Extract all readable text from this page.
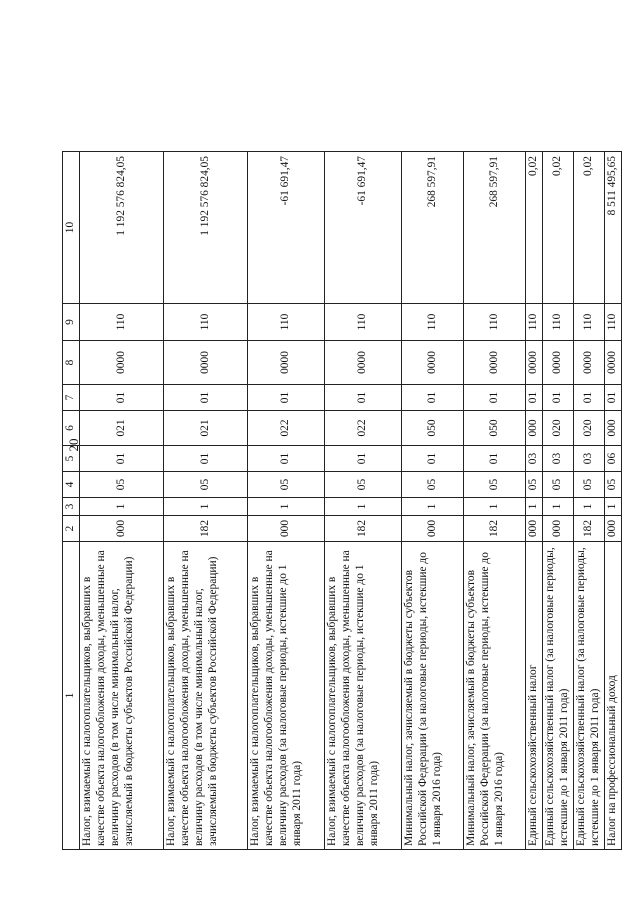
20
1	2	3	4	5	6	7	8	9	10
Налог, взимаемый с налогоплательщиков, выбравших в качестве объекта налогообложения доходы, уменьшенные на величину расходов (в том числе минимальный налог, зачисляемый в бюджеты субъектов Российской Федерации)	000	1	05	01	021	01	0000	110	1 192 576 824,05
Налог, взимаемый с налогоплательщиков, выбравших в качестве объекта налогообложения доходы, уменьшенные на величину расходов (в том числе минимальный налог, зачисляемый в бюджеты субъектов Российской Федерации)	182	1	05	01	021	01	0000	110	1 192 576 824,05
Налог, взимаемый с налогоплательщиков, выбравших в качестве объекта налогообложения доходы, уменьшенные на величину расходов (за налоговые периоды, истекшие до 1 января 2011 года)	000	1	05	01	022	01	0000	110	-61 691,47
Налог, взимаемый с налогоплательщиков, выбравших в качестве объекта налогообложения доходы, уменьшенные на величину расходов (за налоговые периоды, истекшие до 1 января 2011 года)	182	1	05	01	022	01	0000	110	-61 691,47
Минимальный налог, зачисляемый в бюджеты субъектов Российской Федерации (за налоговые периоды, истекшие до 1 января 2016 года)	000	1	05	01	050	01	0000	110	268 597,91
Минимальный налог, зачисляемый в бюджеты субъектов Российской Федерации (за налоговые периоды, истекшие до 1 января 2016 года)	182	1	05	01	050	01	0000	110	268 597,91
Единый сельскохозяйственный налог	000	1	05	03	000	01	0000	110	0,02
Единый сельскохозяйственный налог (за налоговые периоды, истекшие до 1 января 2011 года)	000	1	05	03	020	01	0000	110	0,02
Единый сельскохозяйственный налог (за налоговые периоды, истекшие до 1 января 2011 года)	182	1	05	03	020	01	0000	110	0,02
Налог на профессиональный доход	000	1	05	06	000	01	0000	110	8 511 495,65
